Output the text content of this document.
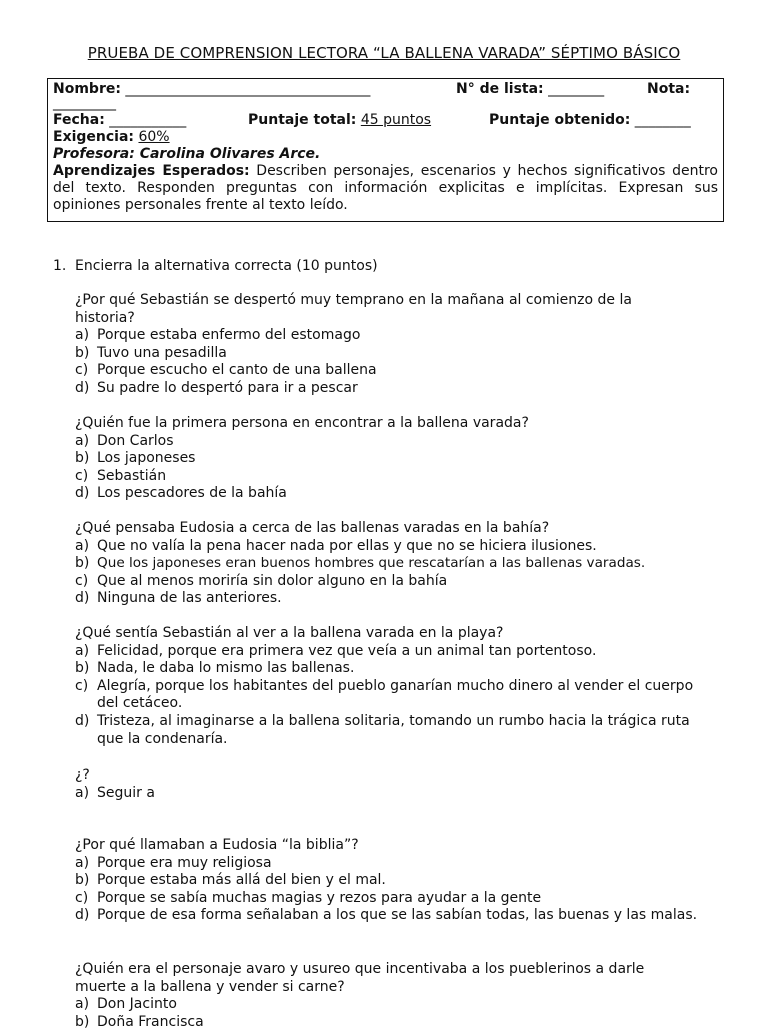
PRUEBA DE COMPRENSION LECTORA “LA BALLENA VARADA” SÉPTIMO BÁSICO
Nombre: ___________________________________	N° de lista: ________	Nota:
_________
Fecha: ___________	Puntaje total: 45 puntos	Puntaje obtenido: ________
Exigencia: 60%
Profesora: Carolina Olivares Arce.
Aprendizajes Esperados: Describen personajes, escenarios y hechos significativos dentro del texto. Responden preguntas con información explicitas e implícitas. Expresan sus opiniones personales frente al texto leído.
1. Encierra la alternativa correcta (10 puntos)
¿Por qué Sebastián se despertó muy temprano en la mañana al comienzo de la historia?
a) Porque estaba enfermo del estomago
b) Tuvo una pesadilla
c) Porque escucho el canto de una ballena
d) Su padre lo despertó para ir a pescar
¿Quién fue la primera persona en encontrar a la ballena varada?
a) Don Carlos
b) Los japoneses
c) Sebastián
d) Los pescadores de la bahía
¿Qué pensaba Eudosia a cerca de las ballenas varadas en la bahía?
a) Que no valía la pena hacer nada por ellas y que no se hiciera ilusiones.
b) Que los japoneses eran buenos hombres que rescatarían a las ballenas varadas.
c) Que al menos moriría sin dolor alguno en la bahía
d) Ninguna de las anteriores.
¿Qué sentía Sebastián al ver a la ballena varada en la playa?
a) Felicidad, porque era primera vez que veía a un animal tan portentoso.
b) Nada, le daba lo mismo las ballenas.
c) Alegría, porque los habitantes del pueblo ganarían mucho dinero al vender el cuerpo del cetáceo.
d) Tristeza, al imaginarse a la ballena solitaria, tomando un rumbo hacia la trágica ruta que la condenaría.
¿?
a) Seguir a
¿Por qué llamaban a Eudosia “la biblia”?
a) Porque era muy religiosa
b) Porque estaba más allá del bien y el mal.
c) Porque se sabía muchas magias y rezos para ayudar a la gente
d) Porque de esa forma señalaban a los que se las sabían todas, las buenas y las malas.
¿Quién era el personaje avaro y usureo que incentivaba a los pueblerinos a darle muerte a la ballena y vender si carne?
a) Don Jacinto
b) Doña Francisca
